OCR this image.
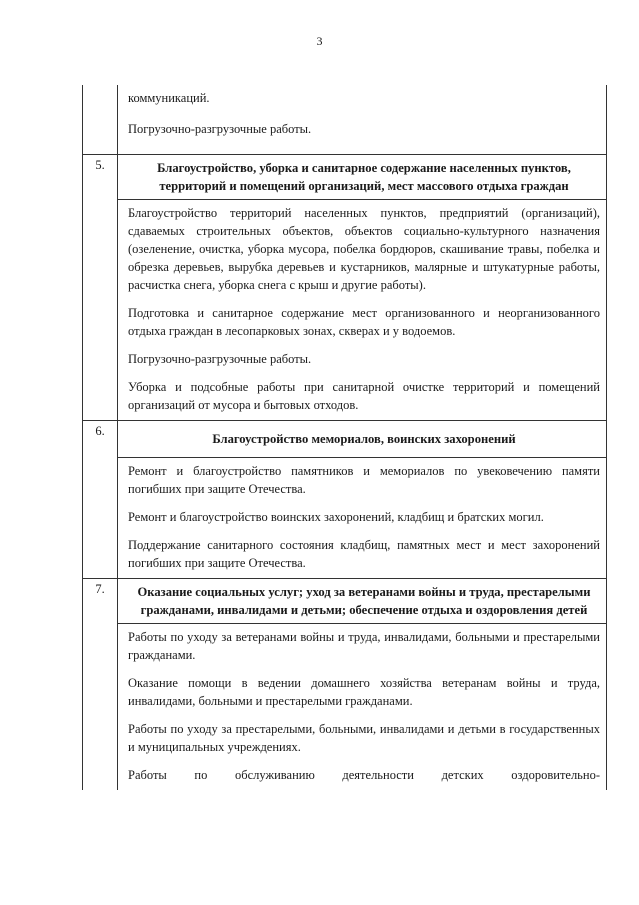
3

	коммуникаций.
Погрузочно-разгрузочные работы.

5.	Благоустройство, уборка и санитарное содержание населенных пунктов, территорий и помещений организаций, мест массового отдыха граждан
Благоустройство территорий населенных пунктов, предприятий (организаций), сдаваемых строительных объектов, объектов социально-культурного назначения (озеленение, очистка, уборка мусора, побелка бордюров, скашивание травы, побелка и обрезка деревьев, вырубка деревьев и кустарников, малярные и штукатурные работы, расчистка снега, уборка снега с крыш и другие работы).
Подготовка и санитарное содержание мест организованного и неорганизованного отдыха граждан в лесопарковых зонах, скверах и у водоемов.
Погрузочно-разгрузочные работы.
Уборка и подсобные работы при санитарной очистке территорий и помещений организаций от мусора и бытовых отходов.

6.	Благоустройство мемориалов, воинских захоронений
Ремонт и благоустройство памятников и мемориалов по увековечению памяти погибших при защите Отечества.
Ремонт и благоустройство воинских захоронений, кладбищ и братских могил.
Поддержание санитарного состояния кладбищ, памятных мест и мест захоронений погибших при защите Отечества.

7.	Оказание социальных услуг; уход за ветеранами войны и труда, престарелыми гражданами, инвалидами и детьми; обеспечение отдыха и оздоровления детей
Работы по уходу за ветеранами войны и труда, инвалидами, больными и престарелыми гражданами.
Оказание помощи в ведении домашнего хозяйства ветеранам войны и труда, инвалидами, больными и престарелыми гражданами.
Работы по уходу за престарелыми, больными, инвалидами и детьми в государственных и муниципальных учреждениях.
Работы по обслуживанию деятельности детских оздоровительно-
